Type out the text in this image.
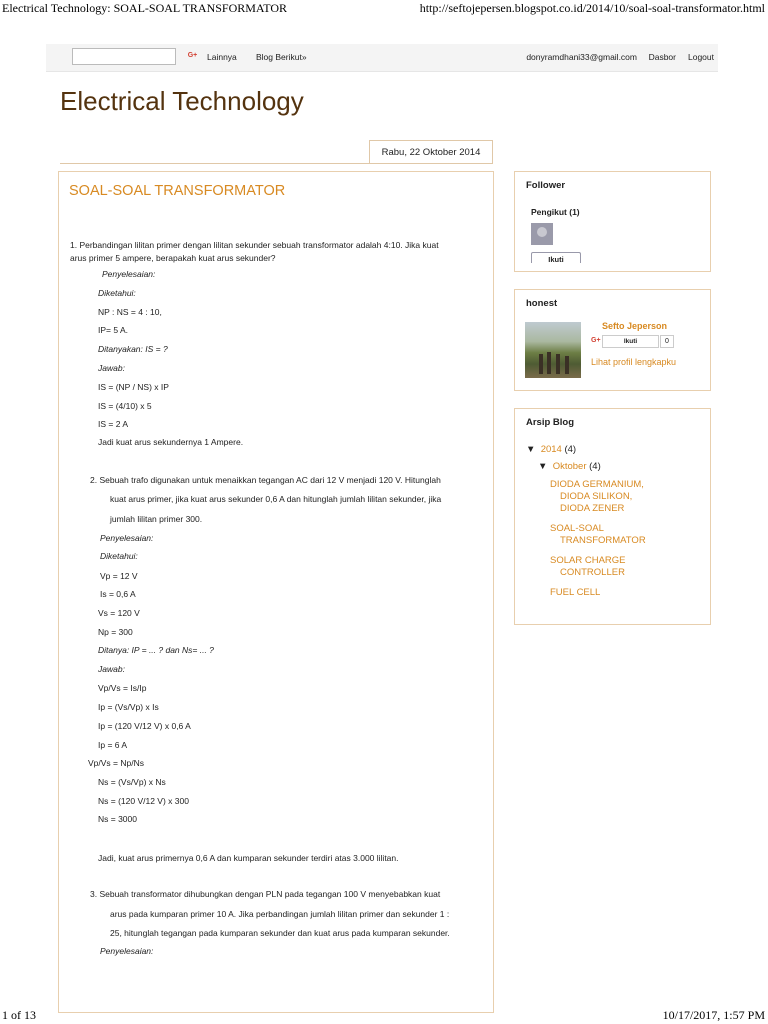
Electrical Technology: SOAL-SOAL TRANSFORMATOR	http://seftojepersen.blogspot.co.id/2014/10/soal-soal-transformator.html
G+ Lainnya Blog Berikut»	donyramdhani33@gmail.com Dasbor Logout
Electrical Technology
Rabu, 22 Oktober 2014
SOAL-SOAL TRANSFORMATOR
1. Perbandingan lilitan primer dengan lilitan sekunder sebuah transformator adalah 4:10. Jika kuat
arus primer 5 ampere, berapakah kuat arus sekunder?
Penyelesaian:
Diketahui:
NP : NS = 4 : 10,
IP= 5 A.
Ditanyakan: IS = ?
Jawab:
IS = (NP / NS) x IP
IS = (4/10) x 5
IS = 2 A
Jadi kuat arus sekundernya 1 Ampere.
2. Sebuah trafo digunakan untuk menaikkan tegangan AC dari 12 V menjadi 120 V. Hitunglah
kuat arus primer, jika kuat arus sekunder 0,6 A dan hitunglah jumlah lilitan sekunder, jika
jumlah lilitan primer 300.
Penyelesaian:
Diketahui:
Vp = 12 V
Is = 0,6 A
Vs = 120 V
Np = 300
Ditanya: IP = ... ? dan Ns= ... ?
Jawab:
Vp/Vs = Is/Ip
Ip = (Vs/Vp) x Is
Ip = (120 V/12 V) x 0,6 A
Ip = 6 A
Vp/Vs = Np/Ns
Ns = (Vs/Vp) x Ns
Ns = (120 V/12 V) x 300
Ns = 3000
Jadi, kuat arus primernya 0,6 A dan kumparan sekunder terdiri atas 3.000 lilitan.
3. Sebuah transformator dihubungkan dengan PLN pada tegangan 100 V menyebabkan kuat
arus pada kumparan primer 10 A. Jika perbandingan jumlah lilitan primer dan sekunder 1 :
25, hitunglah tegangan pada kumparan sekunder dan kuat arus pada kumparan sekunder.
Penyelesaian:
Follower
Pengikut (1)
Ikuti
honest
Sefto Jeperson
G+	Ikuti	0
Lihat profil lengkapku
Arsip Blog
▼ 2014 (4)
▼ Oktober (4)
DIODA GERMANIUM,
DIODA SILIKON,
DIODA ZENER
SOAL-SOAL
TRANSFORMATOR
SOLAR CHARGE
CONTROLLER
FUEL CELL
1 of 13	10/17/2017, 1:57 PM
